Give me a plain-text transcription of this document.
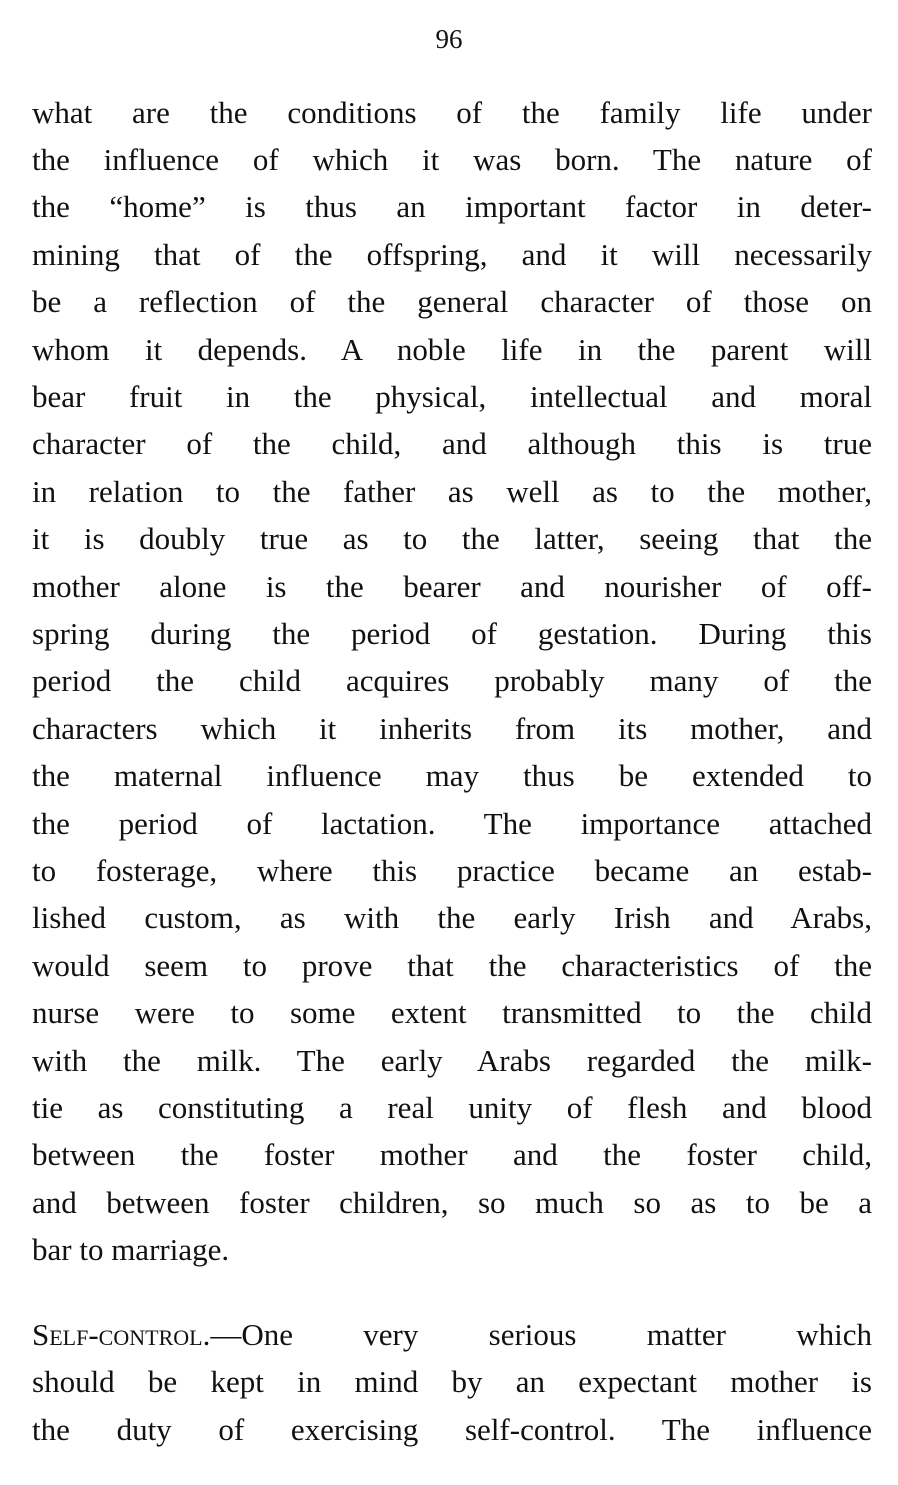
96
what are the conditions of the family life under
the influence of which it was born. The nature of
the “home” is thus an important factor in deter-
mining that of the offspring, and it will necessarily
be a reflection of the general character of those on
whom it depends. A noble life in the parent will
bear fruit in the physical, intellectual and moral
character of the child, and although this is true
in relation to the father as well as to the mother,
it is doubly true as to the latter, seeing that the
mother alone is the bearer and nourisher of off-
spring during the period of gestation. During this
period the child acquires probably many of the
characters which it inherits from its mother, and
the maternal influence may thus be extended to
the period of lactation. The importance attached
to fosterage, where this practice became an estab-
lished custom, as with the early Irish and Arabs,
would seem to prove that the characteristics of the
nurse were to some extent transmitted to the child
with the milk. The early Arabs regarded the milk-
tie as constituting a real unity of flesh and blood
between the foster mother and the foster child,
and between foster children, so much so as to be a
bar to marriage.
Self-control.—One very serious matter which
should be kept in mind by an expectant mother is
the duty of exercising self-control. The influence
